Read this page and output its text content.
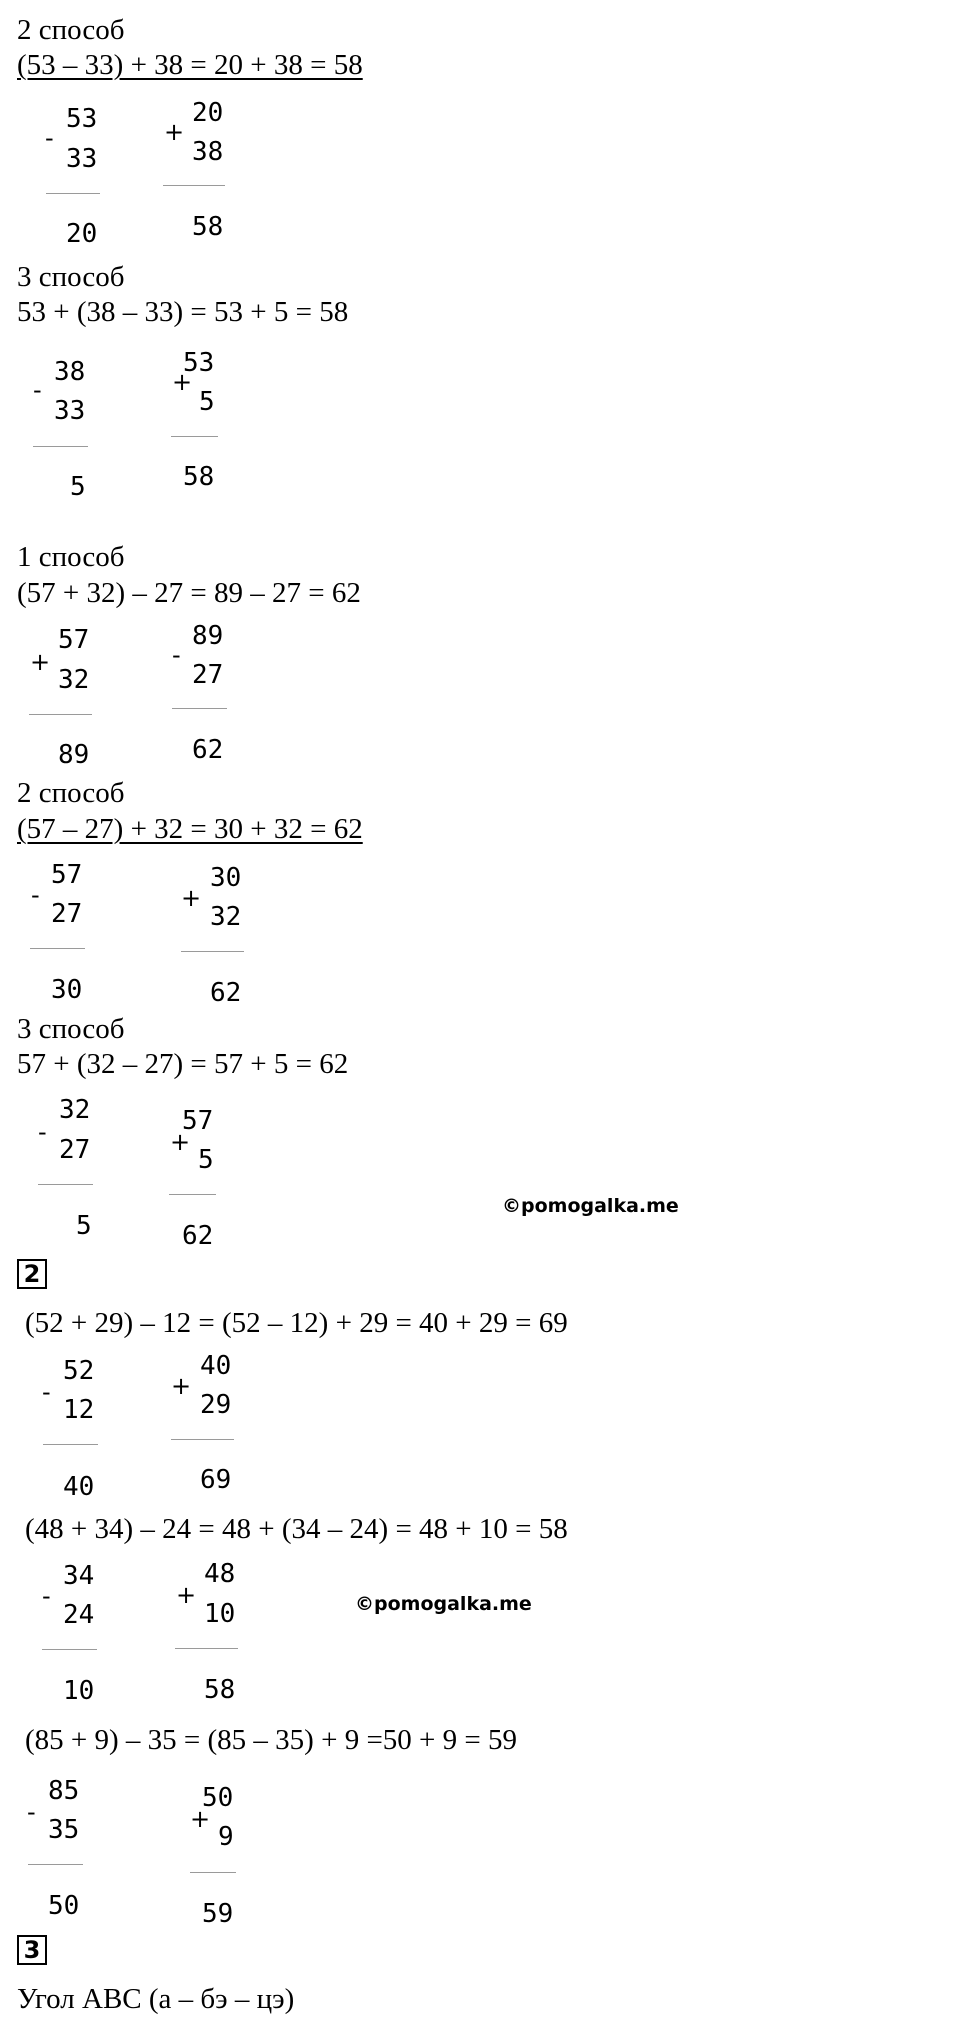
2 способ
(53 – 33) + 38 = 20 + 38 = 58
-
53
33
20
+
20
38
58
3 способ
53 + (38 – 33) = 53 + 5 = 58
-
38
33
5
+
53
5
58
1 способ
(57 + 32) – 27 = 89 – 27 = 62
+
57
32
89
-
89
27
62
2 способ
(57 – 27) + 32 = 30 + 32 = 62
-
57
27
30
+
30
32
62
3 способ
57 + (32 – 27) = 57 + 5 = 62
-
32
27
5
+
57
5
62
©pomogalka.me
2
(52 + 29) – 12 = (52 – 12) + 29 = 40 + 29 = 69
-
52
12
40
+
40
29
69
(48 + 34) – 24 = 48 + (34 – 24) = 48 + 10 = 58
-
34
24
10
+
48
10
58
©pomogalka.me
(85 + 9) – 35 = (85 – 35) + 9 =50 + 9 = 59
-
85
35
50
+
50
9
59
3
Угол ABC (а – бэ – цэ)
